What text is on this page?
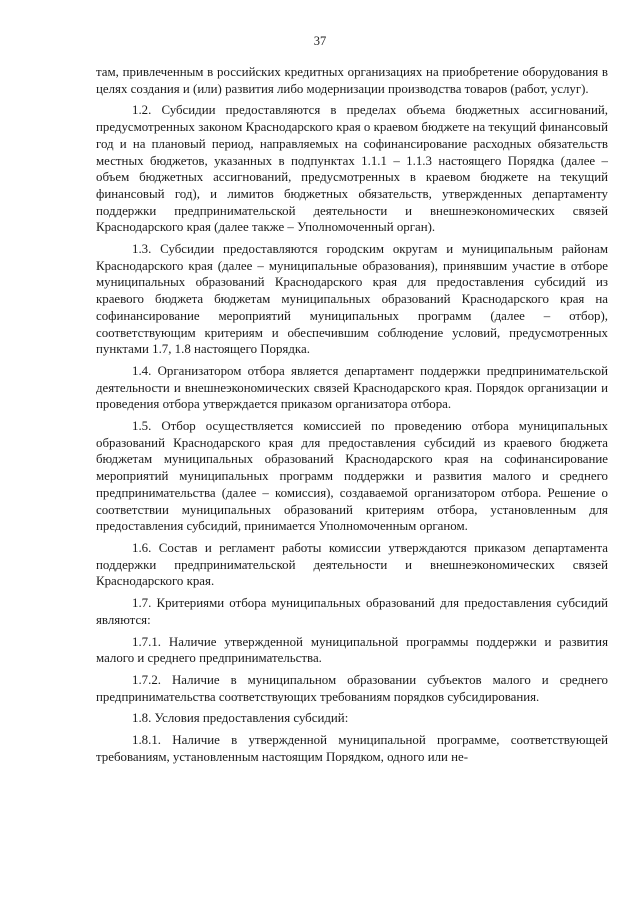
37

там, привлеченным в российских кредитных организациях на приобретение оборудования в целях создания и (или) развития либо модернизации производства товаров (работ, услуг).

1.2. Субсидии предоставляются в пределах объема бюджетных ассигнований, предусмотренных законом Краснодарского края о краевом бюджете на текущий финансовый год и на плановый период, направляемых на софинансирование расходных обязательств местных бюджетов, указанных в подпунктах 1.1.1 – 1.1.3 настоящего Порядка (далее – объем бюджетных ассигнований, предусмотренных в краевом бюджете на текущий финансовый год), и лимитов бюджетных обязательств, утвержденных департаменту поддержки предпринимательской деятельности и внешнеэкономических связей Краснодарского края (далее также – Уполномоченный орган).

1.3. Субсидии предоставляются городским округам и муниципальным районам Краснодарского края (далее – муниципальные образования), принявшим участие в отборе муниципальных образований Краснодарского края для предоставления субсидий из краевого бюджета бюджетам муниципальных образований Краснодарского края на софинансирование мероприятий муниципальных программ (далее – отбор), соответствующим критериям и обеспечившим соблюдение условий, предусмотренных пунктами 1.7, 1.8 настоящего Порядка.

1.4. Организатором отбора является департамент поддержки предпринимательской деятельности и внешнеэкономических связей Краснодарского края. Порядок организации и проведения отбора утверждается приказом организатора отбора.

1.5. Отбор осуществляется комиссией по проведению отбора муниципальных образований Краснодарского края для предоставления субсидий из краевого бюджета бюджетам муниципальных образований Краснодарского края на софинансирование мероприятий муниципальных программ поддержки и развития малого и среднего предпринимательства (далее – комиссия), создаваемой организатором отбора. Решение о соответствии муниципальных образований критериям отбора, установленным для предоставления субсидий, принимается Уполномоченным органом.

1.6. Состав и регламент работы комиссии утверждаются приказом департамента поддержки предпринимательской деятельности и внешнеэкономических связей Краснодарского края.

1.7. Критериями отбора муниципальных образований для предоставления субсидий являются:

1.7.1. Наличие утвержденной муниципальной программы поддержки и развития малого и среднего предпринимательства.

1.7.2. Наличие в муниципальном образовании субъектов малого и среднего предпринимательства соответствующих требованиям порядков субсидирования.

1.8. Условия предоставления субсидий:

1.8.1. Наличие в утвержденной муниципальной программе, соответствующей требованиям, установленным настоящим Порядком, одного или не-
